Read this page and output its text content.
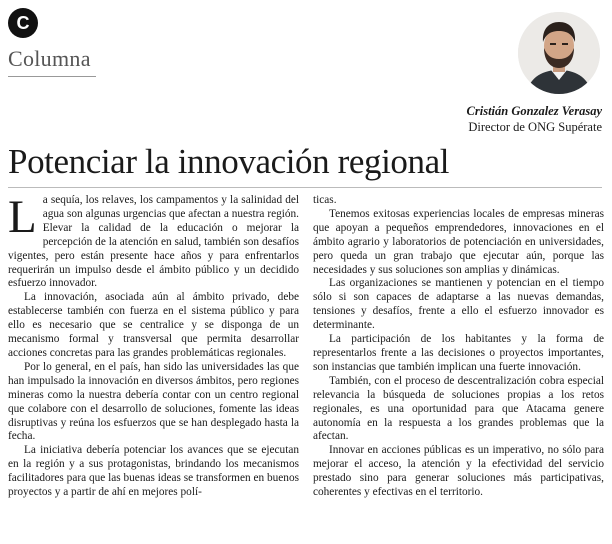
C
Columna
Cristián Gonzalez Verasay
Director de ONG Supérate
Potenciar la innovación regional

La sequía, los relaves, los campamentos y la salinidad del agua son algunas urgencias que afectan a nuestra región. Elevar la calidad de la educación o mejorar la percepción de la atención en salud, también son desafíos vigentes, pero están presente hace años y para enfrentarlos requerirán un impulso desde el ámbito público y un decidido esfuerzo innovador.

La innovación, asociada aún al ámbito privado, debe establecerse también con fuerza en el sistema público y para ello es necesario que se centralice y se disponga de un mecanismo formal y transversal que permita desarrollar acciones concretas para las grandes problemáticas regionales.

Por lo general, en el país, han sido las universidades las que han impulsado la innovación en diversos ámbitos, pero regiones mineras como la nuestra debería contar con un centro regional que colabore con el desarrollo de soluciones, fomente las ideas disruptivas y reúna los esfuerzos que se han desplegado hasta la fecha.

La iniciativa debería potenciar los avances que se ejecutan en la región y a sus protagonistas, brindando los mecanismos facilitadores para que las buenas ideas se transformen en buenos proyectos y a partir de ahí en mejores polí-

ticas.

Tenemos exitosas experiencias locales de empresas mineras que apoyan a pequeños emprendedores, innovaciones en el ámbito agrario y laboratorios de potenciación en universidades, pero queda un gran trabajo que ejecutar aún, porque las necesidades y sus soluciones son amplias y dinámicas.

Las organizaciones se mantienen y potencian en el tiempo sólo si son capaces de adaptarse a las nuevas demandas, tensiones y desafíos, frente a ello el esfuerzo innovador es determinante.

La participación de los habitantes y la forma de representarlos frente a las decisiones o proyectos importantes, son instancias que también implican una fuerte innovación.

También, con el proceso de descentralización cobra especial relevancia la búsqueda de soluciones propias a los retos regionales, es una oportunidad para que Atacama genere autonomía en la respuesta a los grandes problemas que la afectan.

Innovar en acciones públicas es un imperativo, no sólo para mejorar el acceso, la atención y la efectividad del servicio prestado sino para generar soluciones más participativas, coherentes y efectivas en el territorio.
